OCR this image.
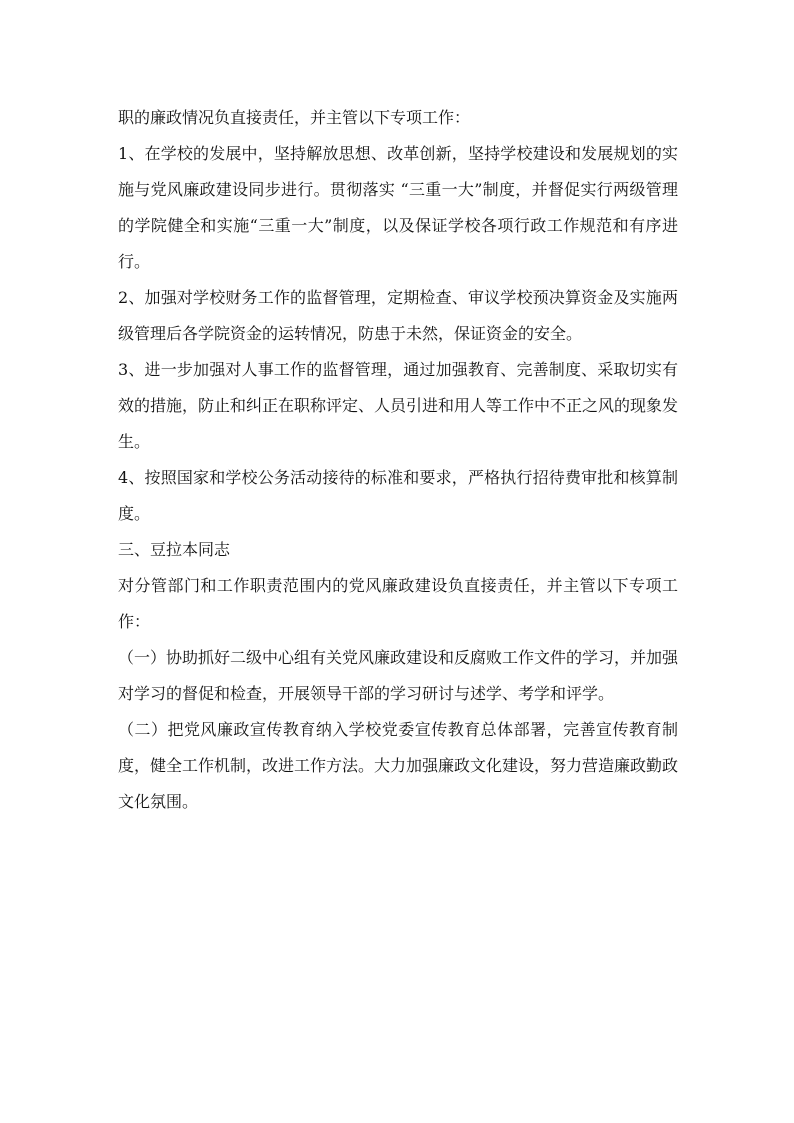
职的廉政情况负直接责任，并主管以下专项工作：

1、在学校的发展中，坚持解放思想、改革创新，坚持学校建设和发展规划的实施与党风廉政建设同步进行。贯彻落实 “三重一大”制度，并督促实行两级管理的学院健全和实施“三重一大”制度，以及保证学校各项行政工作规范和有序进行。

2、加强对学校财务工作的监督管理，定期检查、审议学校预决算资金及实施两级管理后各学院资金的运转情况，防患于未然，保证资金的安全。

3、进一步加强对人事工作的监督管理，通过加强教育、完善制度、采取切实有效的措施，防止和纠正在职称评定、人员引进和用人等工作中不正之风的现象发生。

4、按照国家和学校公务活动接待的标准和要求，严格执行招待费审批和核算制度。

三、豆拉本同志

对分管部门和工作职责范围内的党风廉政建设负直接责任，并主管以下专项工作：

（一）协助抓好二级中心组有关党风廉政建设和反腐败工作文件的学习，并加强对学习的督促和检查，开展领导干部的学习研讨与述学、考学和评学。

（二）把党风廉政宣传教育纳入学校党委宣传教育总体部署，完善宣传教育制度，健全工作机制，改进工作方法。大力加强廉政文化建设，努力营造廉政勤政文化氛围。
